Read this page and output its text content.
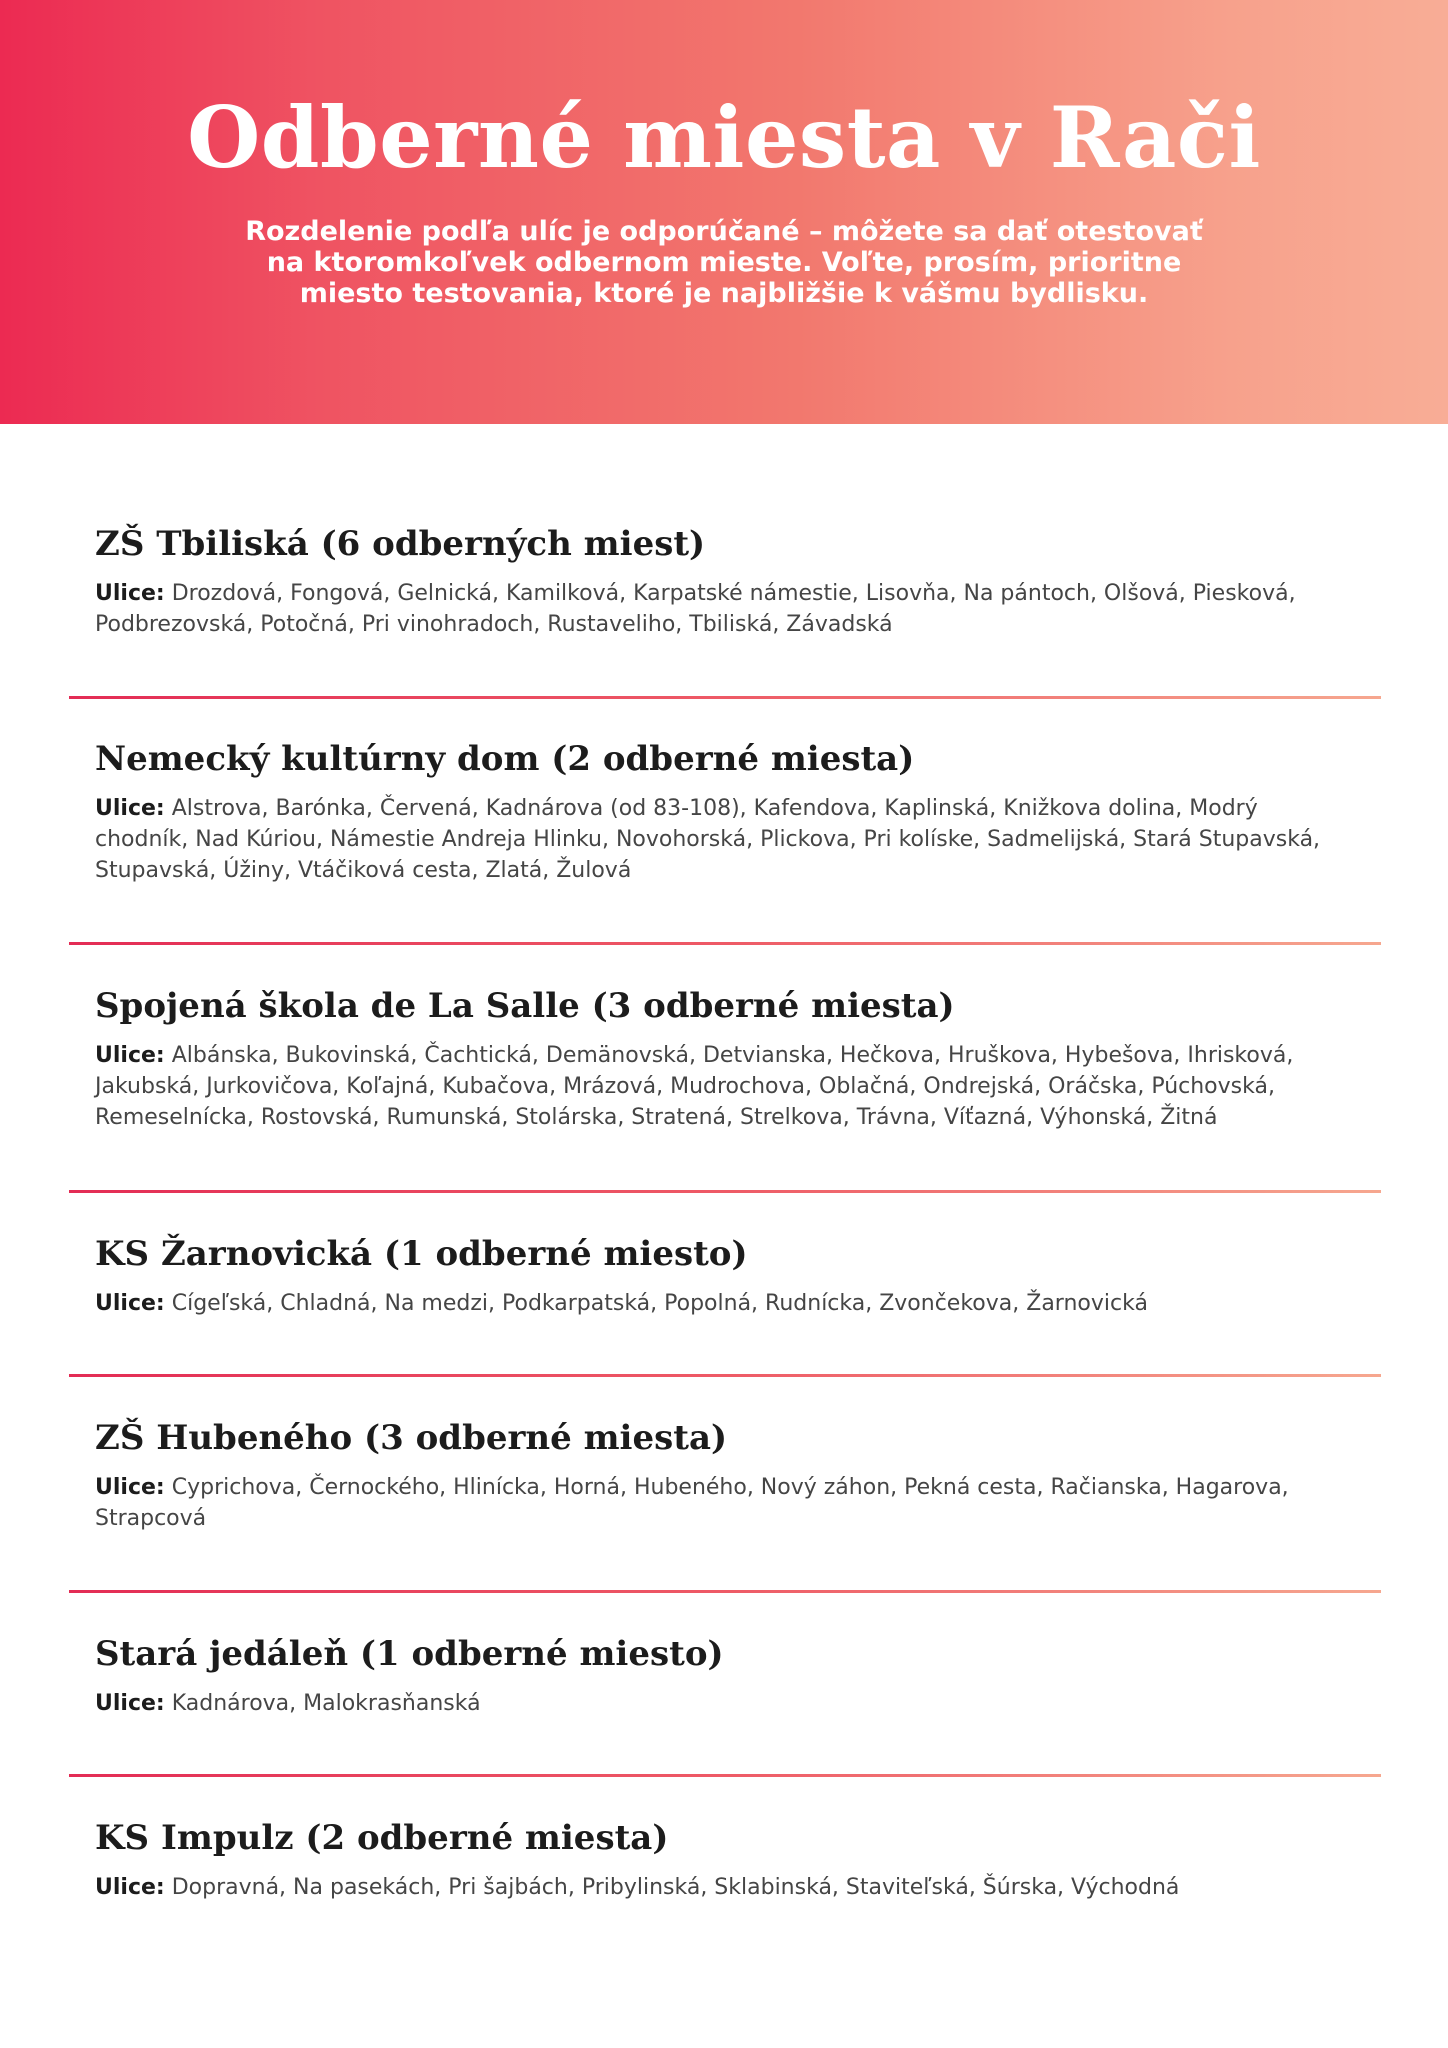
Odberné miesta v Rači

Rozdelenie podľa ulíc je odporúčané – môžete sa dať otestovať na ktoromkoľvek odbernom mieste. Voľte, prosím, prioritne miesto testovania, ktoré je najbližšie k vášmu bydlisku.

ZŠ Tbiliská (6 odberných miest)

Ulice: Drozdová, Fongová, Gelnická, Kamilková, Karpatské námestie, Lisovňa, Na pántoch, Olšová, Piesková, Podbrezovská, Potočná, Pri vinohradoch, Rustaveliho, Tbiliská, Závadská

Nemecký kultúrny dom (2 odberné miesta)

Ulice: Alstrova, Barónka, Červená, Kadnárova (od 83-108), Kafendova, Kaplinská, Knižkova dolina, Modrý chodník, Nad Kúriou, Námestie Andreja Hlinku, Novohorská, Plickova, Pri kolíske, Sadmelijská, Stará Stupavská, Stupavská, Úžiny, Vtáčiková cesta, Zlatá, Žulová

Spojená škola de La Salle (3 odberné miesta)

Ulice: Albánska, Bukovinská, Čachtická, Demänovská, Detvianska, Hečkova, Hruškova, Hybešova, Ihrisková, Jakubská, Jurkovičova, Koľajná, Kubačova, Mrázová, Mudrochova, Oblačná, Ondrejská, Oráčska, Púchovská, Remeselnícka, Rostovská, Rumunská, Stolárska, Stratená, Strelkova, Trávna, Víťazná, Výhonská, Žitná

KS Žarnovická (1 odberné miesto)

Ulice: Cígeľská, Chladná, Na medzi, Podkarpatská, Popolná, Rudnícka, Zvončekova, Žarnovická

ZŠ Hubeného (3 odberné miesta)

Ulice: Cyprichova, Černockého, Hlinícka, Horná, Hubeného, Nový záhon, Pekná cesta, Račianska, Hagarova, Strapcová

Stará jedáleň (1 odberné miesto)

Ulice: Kadnárova, Malokrasňanská

KS Impulz (2 odberné miesta)

Ulice: Dopravná, Na pasekách, Pri šajbách, Pribylinská, Sklabinská, Staviteľská, Šúrska, Východná
